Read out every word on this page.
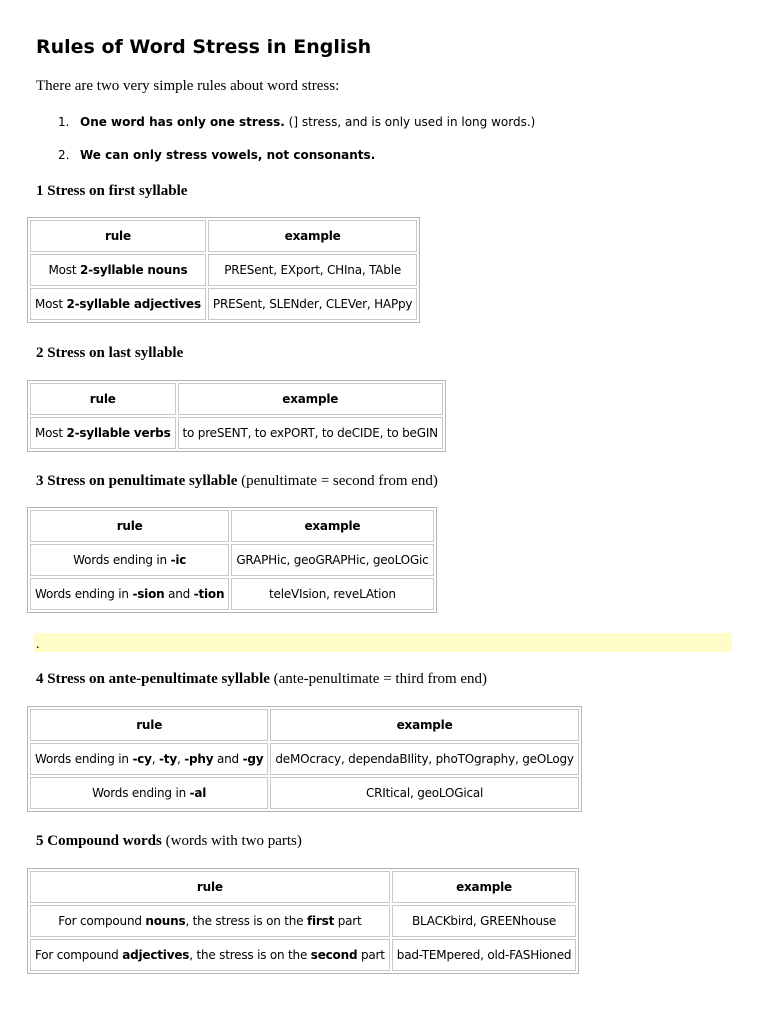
Rules of Word Stress in English

There are two very simple rules about word stress:

1. One word has only one stress. (] stress, and is only used in long words.)

2. We can only stress vowels, not consonants.

1 Stress on first syllable

rule	example
Most 2-syllable nouns	PRESent, EXport, CHIna, TAble
Most 2-syllable adjectives	PRESent, SLENder, CLEVer, HAPpy

2 Stress on last syllable

rule	example
Most 2-syllable verbs	to preSENT, to exPORT, to deCIDE, to beGIN

3 Stress on penultimate syllable (penultimate = second from end)

rule	example
Words ending in -ic	GRAPHic, geoGRAPHic, geoLOGic
Words ending in -sion and -tion	teleVIsion, reveLAtion
.

4 Stress on ante-penultimate syllable (ante-penultimate = third from end)

rule	example
Words ending in -cy, -ty, -phy and -gy	deMOcracy, dependaBIlity, phoTOgraphy, geOLogy
Words ending in -al	CRItical, geoLOGical

5 Compound words (words with two parts)

rule	example
For compound nouns, the stress is on the first part	BLACKbird, GREENhouse
For compound adjectives, the stress is on the second part	bad-TEMpered, old-FASHioned
